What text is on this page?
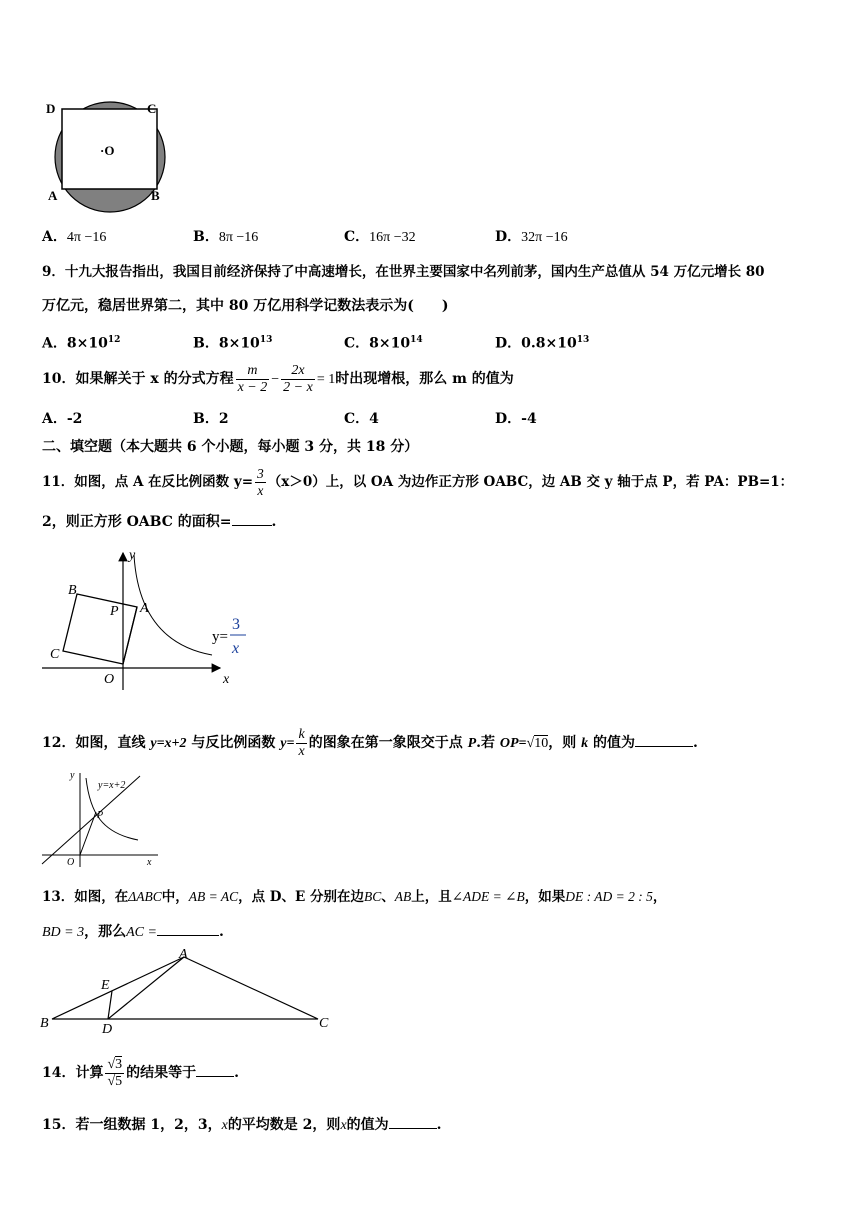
D	C
A	B
·O
A．4π −16	B．8π −16	C．16π −32	D．32π −16
9．十九大报告指出，我国目前经济保持了中高速增长，在世界主要国家中名列前茅，国内生产总值从 54 万亿元增长 80
万亿元，稳居世界第二，其中 80 万亿用科学记数法表示为(　　)
A．$8\times 10^{12}$	B．$8\times 10^{13}$	C．$8\times 10^{14}$	D．$0.8\times 10^{13}$
10．如果解关于 x 的分式方程 $\frac{m}{x - 2} - \frac{2x}{2 - x} = 1$时出现增根，那么 m 的值为
A．-2	B．2	C．4	D．-4
二、填空题（本大题共 6 个小题，每小题 3 分，共 18 分）
11．如图，点 A 在反比例函数 $y= \frac{3}{x} (x>0)$上，以 OA 为边作正方形 OABC，边 AB 交 y 轴于点 P，若 PA：PB=1：
2，则正方形 OABC 的面积=	.
B
P A
C
O	x
y
y=
3
x
12．如图，直线 y=x+2 与反比例函数 $y= \frac{k}{x}$ 的图象在第一象限交于点 P.若 OP=√10，则 k 的值为	.
y
y=x+2
P
O	x
13．如图，在ΔABC中，AB = AC，点 D、E 分别在边BC、AB上，且∠ADE = ∠B，如果DE : AD = 2 : 5，
BD = 3，那么AC =	.
A
E
B	D	C
14．计算 $\frac{√3}{√5}$ 的结果等于	.
15．若一组数据 1，2，3，x的平均数是 2，则x的值为	.
